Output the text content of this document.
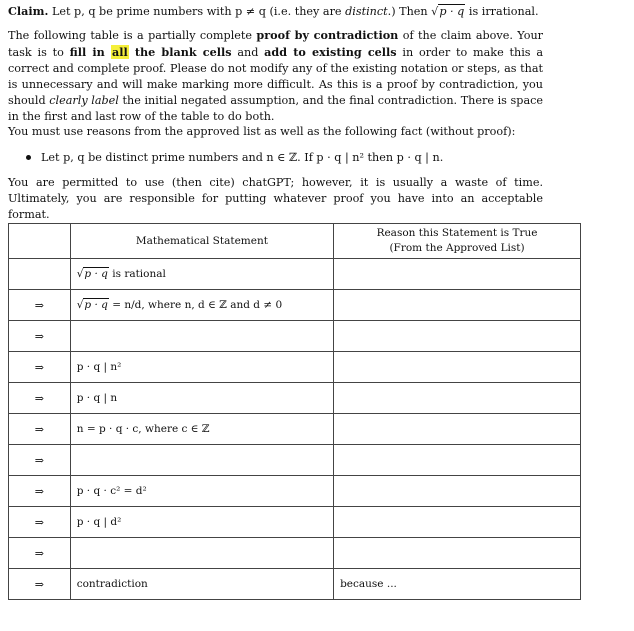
Claim. Let p, q be prime numbers with p ≠ q (i.e. they are distinct.) Then √p · q is irrational.

The following table is a partially complete proof by contradiction of the claim above. Your task is to fill in all the blank cells and add to existing cells in order to make this a correct and complete proof. Please do not modify any of the existing notation or steps, as that is unnecessary and will make marking more difficult. As this is a proof by contradiction, you should clearly label the initial negated assumption, and the final contradiction. There is space in the first and last row of the table to do both.

You must use reasons from the approved list as well as the following fact (without proof):

Let p, q be distinct prime numbers and n ∈ ℤ. If p · q | n² then p · q | n.

You are permitted to use (then cite) chatGPT; however, it is usually a waste of time. Ultimately, you are responsible for putting whatever proof you have into an acceptable format.

	Mathematical Statement	Reason this Statement is True
(From the Approved List)
	√p · q is rational	
⇒	√p · q = n/d, where n, d ∈ ℤ and d ≠ 0	
⇒		
⇒	p · q | n²	
⇒	p · q | n	
⇒	n = p · q · c, where c ∈ ℤ	
⇒		
⇒	p · q · c² = d²	
⇒	p · q | d²	
⇒		
⇒	contradiction	because ...
